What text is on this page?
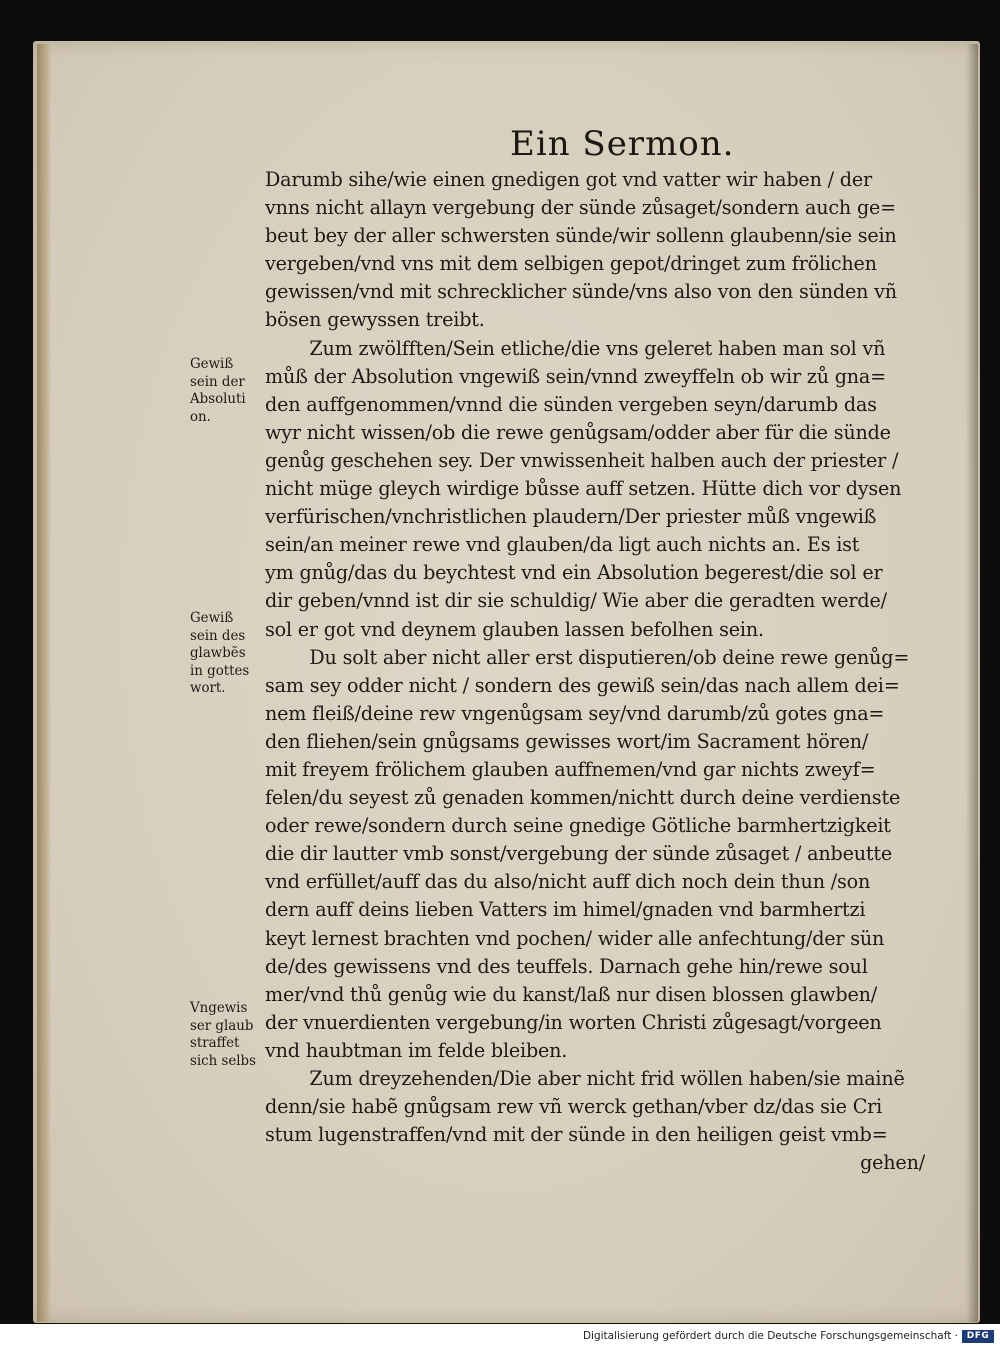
Ein Sermon.
Darumb sihe/wie einen gnedigen got vnd vatter wir haben / der
vnns nicht allayn vergebung der sünde zůsaget/sondern auch ge=
beut bey der aller schwersten sünde/wir sollenn glaubenn/sie sein
vergeben/vnd vns mit dem selbigen gepot/dringet zum frölichen
gewissen/vnd mit schrecklicher sünde/vns also von den sünden vñ
bösen gewyssen treibt.
Zum zwölfften/Sein etliche/die vns geleret haben man sol vñ
můß der Absolution vngewiß sein/vnnd zweyffeln ob wir zů gna=
den auffgenommen/vnnd die sünden vergeben seyn/darumb das
wyr nicht wissen/ob die rewe genůgsam/odder aber für die sünde
genůg geschehen sey. Der vnwissenheit halben auch der priester /
nicht müge gleych wirdige bůsse auff setzen. Hütte dich vor dysen
verfürischen/vnchristlichen plaudern/Der priester můß vngewiß
sein/an meiner rewe vnd glauben/da ligt auch nichts an. Es ist
ym gnůg/das du beychtest vnd ein Absolution begerest/die sol er
dir geben/vnnd ist dir sie schuldig/ Wie aber die geradten werde/
sol er got vnd deynem glauben lassen befolhen sein.
Du solt aber nicht aller erst disputieren/ob deine rewe genůg=
sam sey odder nicht / sondern des gewiß sein/das nach allem dei=
nem fleiß/deine rew vngenůgsam sey/vnd darumb/zů gotes gna=
den fliehen/sein gnůgsams gewisses wort/im Sacrament hören/
mit freyem frölichem glauben auffnemen/vnd gar nichts zweyf=
felen/du seyest zů genaden kommen/nichtt durch deine verdienste
oder rewe/sondern durch seine gnedige Götliche barmhertzigkeit
die dir lautter vmb sonst/vergebung der sünde zůsaget / anbeutte
vnd erfüllet/auff das du also/nicht auff dich noch dein thun /son
dern auff deins lieben Vatters im himel/gnaden vnd barmhertzi
keyt lernest brachten vnd pochen/ wider alle anfechtung/der sün
de/des gewissens vnd des teuffels. Darnach gehe hin/rewe soul
mer/vnd thů genůg wie du kanst/laß nur disen blossen glawben/
der vnuerdienten vergebung/in worten Christi zůgesagt/vorgeen
vnd haubtman im felde bleiben.
Zum dreyzehenden/Die aber nicht frid wöllen haben/sie mainẽ
denn/sie habẽ gnůgsam rew vñ werck gethan/vber dz/das sie Cri
stum lugenstraffen/vnd mit der sünde in den heiligen geist vmb=
gehen/
Gewiß
sein der
Absoluti
on.
Gewiß
sein des
glawbẽs
in gottes
wort.
Vngewis
ser glaub
straffet
sich selbs
Digitalisierung gefördert durch die Deutsche Forschungsgemeinschaft · DFG
